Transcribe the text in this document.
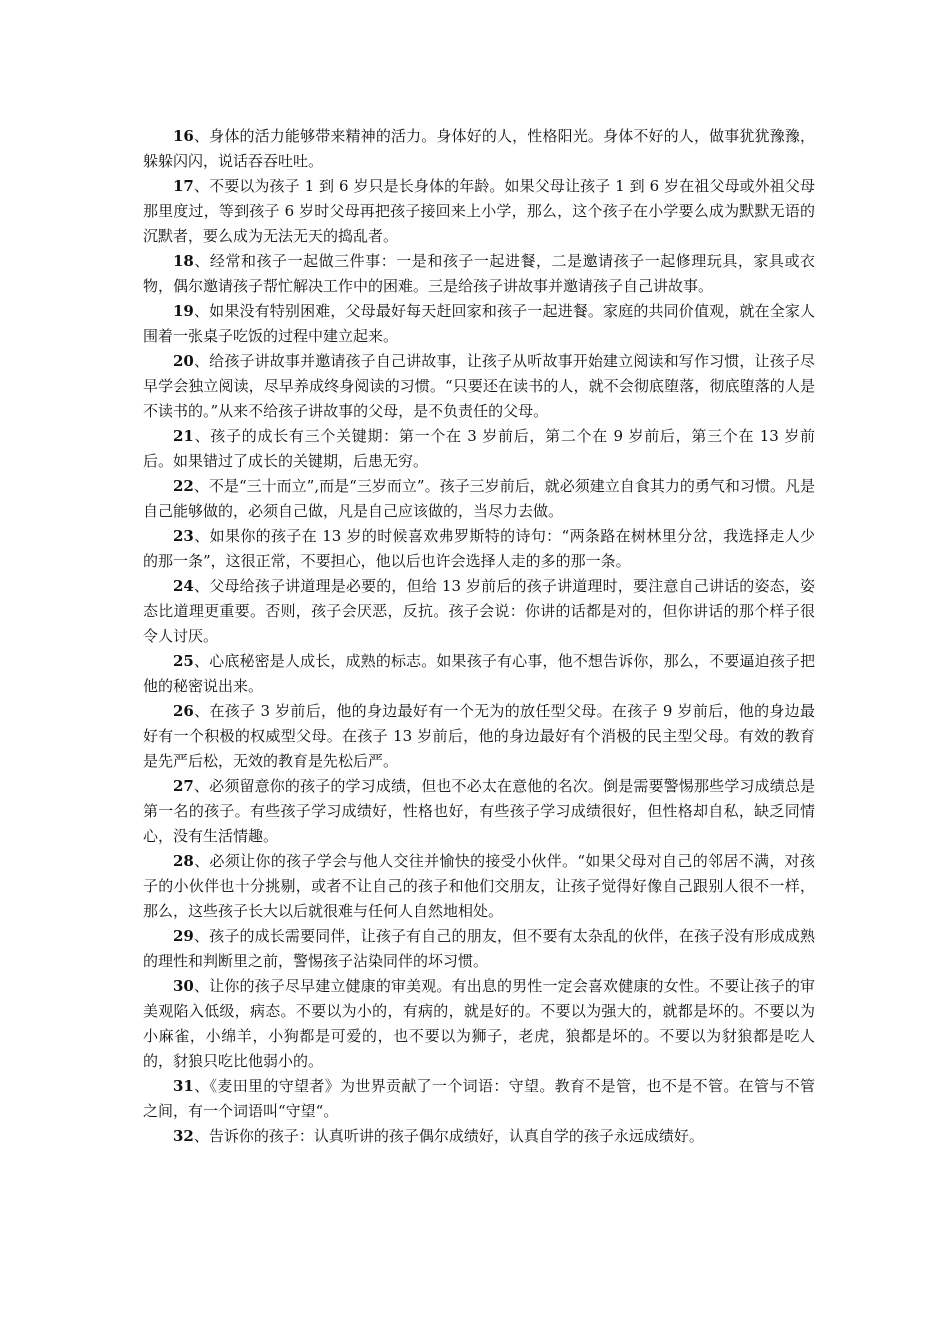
16、身体的活力能够带来精神的活力。身体好的人，性格阳光。身体不好的人，做事犹犹豫豫，躲躲闪闪，说话吞吞吐吐。

17、不要以为孩子 1 到 6 岁只是长身体的年龄。如果父母让孩子 1 到 6 岁在祖父母或外祖父母那里度过，等到孩子 6 岁时父母再把孩子接回来上小学，那么，这个孩子在小学要么成为默默无语的沉默者，要么成为无法无天的捣乱者。

18、经常和孩子一起做三件事：一是和孩子一起进餐，二是邀请孩子一起修理玩具，家具或衣物，偶尔邀请孩子帮忙解决工作中的困难。三是给孩子讲故事并邀请孩子自己讲故事。

19、如果没有特别困难，父母最好每天赶回家和孩子一起进餐。家庭的共同价值观，就在全家人围着一张桌子吃饭的过程中建立起来。

20、给孩子讲故事并邀请孩子自己讲故事，让孩子从听故事开始建立阅读和写作习惯，让孩子尽早学会独立阅读，尽早养成终身阅读的习惯。“只要还在读书的人，就不会彻底堕落，彻底堕落的人是不读书的。”从来不给孩子讲故事的父母，是不负责任的父母。

21、孩子的成长有三个关键期：第一个在 3 岁前后，第二个在 9 岁前后，第三个在 13 岁前后。如果错过了成长的关键期，后患无穷。

22、不是“三十而立”,而是“三岁而立”。孩子三岁前后，就必须建立自食其力的勇气和习惯。凡是自己能够做的，必须自己做，凡是自己应该做的，当尽力去做。

23、如果你的孩子在 13 岁的时候喜欢弗罗斯特的诗句：“两条路在树林里分岔，我选择走人少的那一条”，这很正常，不要担心，他以后也许会选择人走的多的那一条。

24、父母给孩子讲道理是必要的，但给 13 岁前后的孩子讲道理时，要注意自己讲话的姿态，姿态比道理更重要。否则，孩子会厌恶，反抗。孩子会说：你讲的话都是对的，但你讲话的那个样子很令人讨厌。

25、心底秘密是人成长，成熟的标志。如果孩子有心事，他不想告诉你，那么，不要逼迫孩子把他的秘密说出来。

26、在孩子 3 岁前后，他的身边最好有一个无为的放任型父母。在孩子 9 岁前后，他的身边最好有一个积极的权威型父母。在孩子 13 岁前后，他的身边最好有个消极的民主型父母。有效的教育是先严后松，无效的教育是先松后严。

27、必须留意你的孩子的学习成绩，但也不必太在意他的名次。倒是需要警惕那些学习成绩总是第一名的孩子。有些孩子学习成绩好，性格也好，有些孩子学习成绩很好，但性格却自私，缺乏同情心，没有生活情趣。

28、必须让你的孩子学会与他人交往并愉快的接受小伙伴。“如果父母对自己的邻居不满，对孩子的小伙伴也十分挑剔，或者不让自己的孩子和他们交朋友，让孩子觉得好像自己跟别人很不一样，那么，这些孩子长大以后就很难与任何人自然地相处。

29、孩子的成长需要同伴，让孩子有自己的朋友，但不要有太杂乱的伙伴，在孩子没有形成成熟的理性和判断里之前，警惕孩子沾染同伴的坏习惯。

30、让你的孩子尽早建立健康的审美观。有出息的男性一定会喜欢健康的女性。不要让孩子的审美观陷入低级，病态。不要以为小的，有病的，就是好的。不要以为强大的，就都是坏的。不要以为小麻雀，小绵羊，小狗都是可爱的，也不要以为狮子，老虎，狼都是坏的。不要以为豺狼都是吃人的，豺狼只吃比他弱小的。

31、《麦田里的守望者》为世界贡献了一个词语：守望。教育不是管，也不是不管。在管与不管之间，有一个词语叫“守望“。

32、告诉你的孩子：认真听讲的孩子偶尔成绩好，认真自学的孩子永远成绩好。
